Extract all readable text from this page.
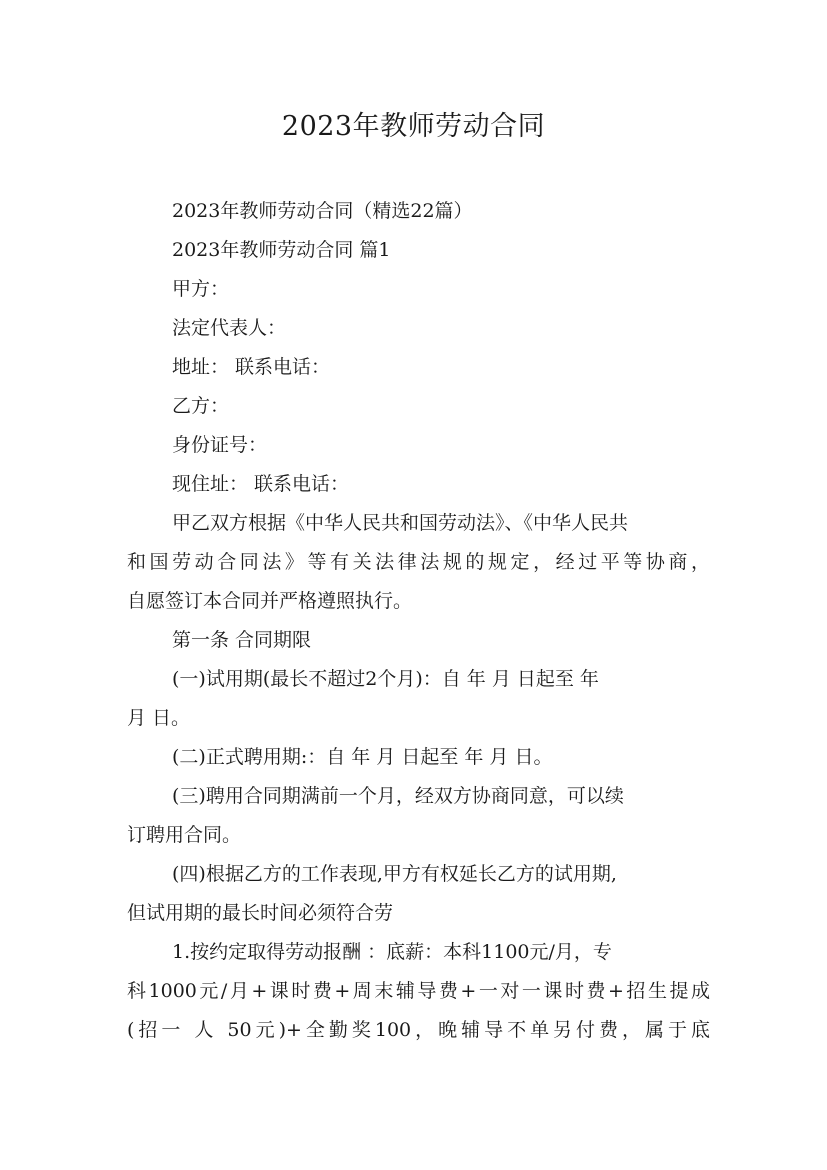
2023年教师劳动合同
2023年教师劳动合同（精选22篇）
2023年教师劳动合同 篇1
甲方：
法定代表人：
地址： 联系电话：
乙方：
身份证号：
现住址： 联系电话：
甲乙双方根据《中华人民共和国劳动法》、《中华人民共
和国劳动合同法》等有关法律法规的规定，经过平等协商，
自愿签订本合同并严格遵照执行。
第一条 合同期限
(一)试用期(最长不超过2个月)：自 年 月 日起至 年
月 日。
(二)正式聘用期:：自 年 月 日起至 年 月 日。
(三)聘用合同期满前一个月，经双方协商同意，可以续
订聘用合同。
(四)根据乙方的工作表现,甲方有权延长乙方的试用期,
但试用期的最长时间必须符合劳
1.按约定取得劳动报酬 ：底薪：本科1100元/月，专
科1000元/月+课时费+周末辅导费+一对一课时费+招生提成
(招一 人 50元)+全勤奖100，晚辅导不单另付费，属于底
